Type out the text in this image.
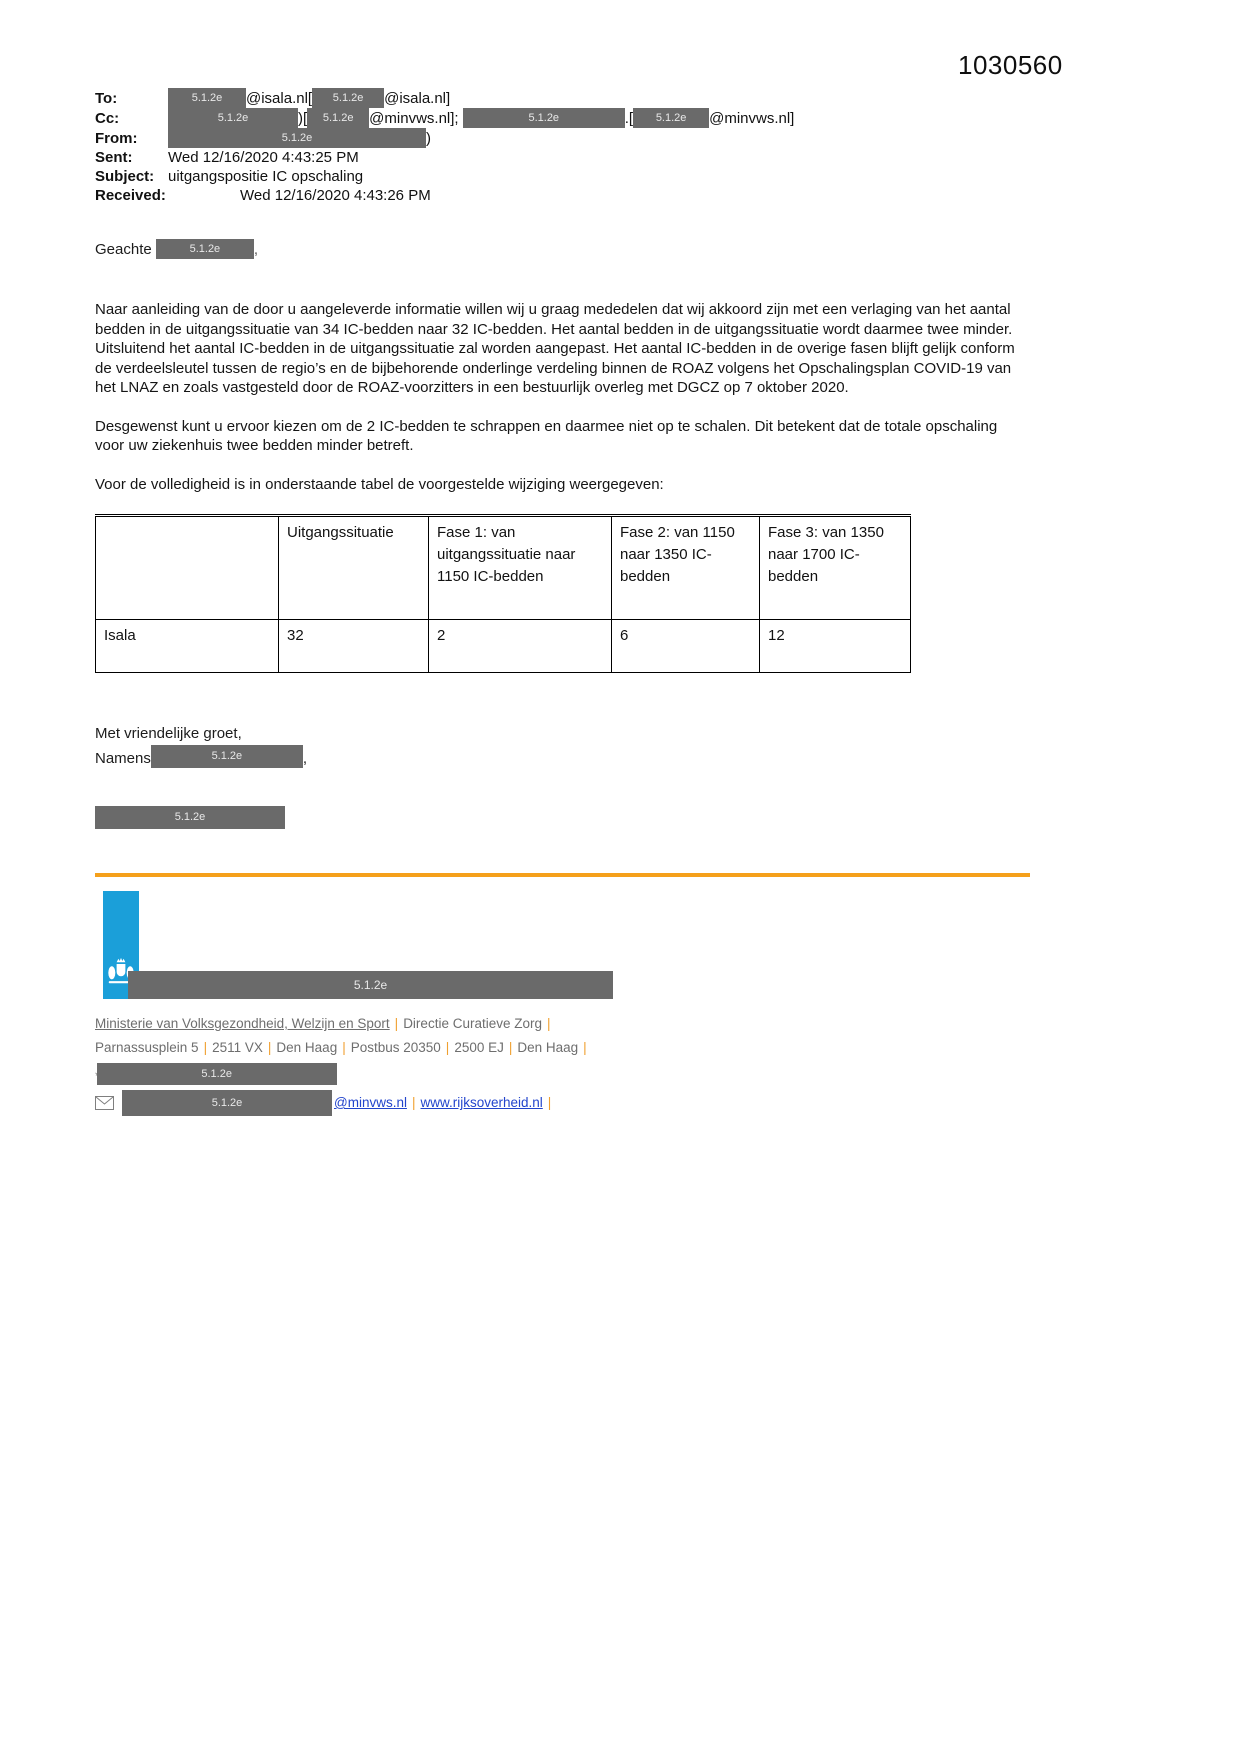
1030560
To:	5.1.2e @isala.nl[ 5.1.2e @isala.nl]
Cc:	5.1.2e	)[ 5.1.2e @minvws.nl];	5.1.2e	.[ 5.1.2e @minvws.nl]
From:	5.1.2e	)
Sent: Wed 12/16/2020 4:43:25 PM
Subject: uitgangspositie IC opschaling
Received:	Wed 12/16/2020 4:43:26 PM
Geachte	5.1.2e ,

Naar aanleiding van de door u aangeleverde informatie willen wij u graag mededelen dat wij akkoord zijn met een verlaging van het aantal bedden in de uitgangssituatie van 34 IC-bedden naar 32 IC-bedden. Het aantal bedden in de uitgangssituatie wordt daarmee twee minder. Uitsluitend het aantal IC-bedden in de uitgangssituatie zal worden aangepast. Het aantal IC-bedden in de overige fasen blijft gelijk conform de verdeelsleutel tussen de regio’s en de bijbehorende onderlinge verdeling binnen de ROAZ volgens het Opschalingsplan COVID-19 van het LNAZ en zoals vastgesteld door de ROAZ-voorzitters in een bestuurlijk overleg met DGCZ op 7 oktober 2020.

Desgewenst kunt u ervoor kiezen om de 2 IC-bedden te schrappen en daarmee niet op te schalen. Dit betekent dat de totale opschaling voor uw ziekenhuis twee bedden minder betreft.

Voor de volledigheid is in onderstaande tabel de voorgestelde wijziging weergegeven:

	Uitgangssituatie	Fase 1: van uitgangssituatie naar 1150 IC-bedden	Fase 2: van 1150 naar 1350 IC-bedden	Fase 3: van 1350 naar 1700 IC-bedden
Isala	32	2	6	12
Met vriendelijke groet,
Namens	5.1.2e	,
5.1.2e
5.1.2e
Ministerie van Volksgezondheid, Welzijn en Sport | Directie Curatieve Zorg |
Parnassusplein 5 | 2511 VX | Den Haag | Postbus 20350 | 2500 EJ | Den Haag |
5.1.2e
5.1.2e	@minvws.nl | www.rijksoverheid.nl |
